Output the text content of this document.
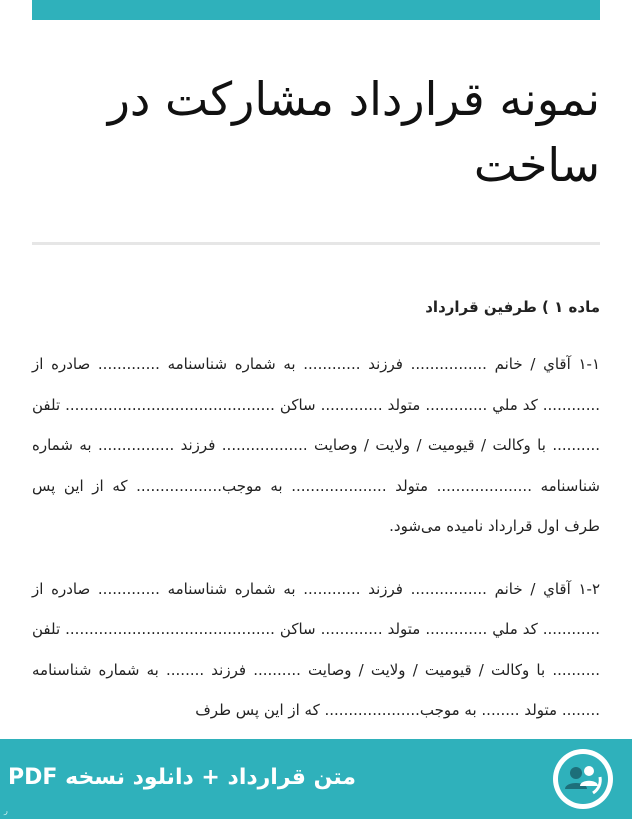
نمونه قرارداد مشارکت در ساخت

ماده ۱ ) طرفین قرارداد

۱-۱ آقاي / خانم ................ فرزند ............ به شماره شناسنامه ............. صادره از ............ کد ملي ............. متولد ............. ساکن ............................................ تلفن .......... با وکالت / قیومیت / ولایت / وصایت .................. فرزند ................ به شماره شناسنامه .................... متولد .................... به موجب.................. که از این پس طرف اول قرارداد نامیده می‌شود.

۱-۲ آقاي / خانم ................ فرزند ............ به شماره شناسنامه ............. صادره از ............ کد ملي ............. متولد ............. ساکن ............................................ تلفن .......... با وکالت / قیومیت / ولایت / وصایت .......... فرزند ........ به شماره شناسنامه ........ متولد ........ به موجب.................... که از این پس طرف

متن قرارداد + دانلود نسخه PDF
ر
